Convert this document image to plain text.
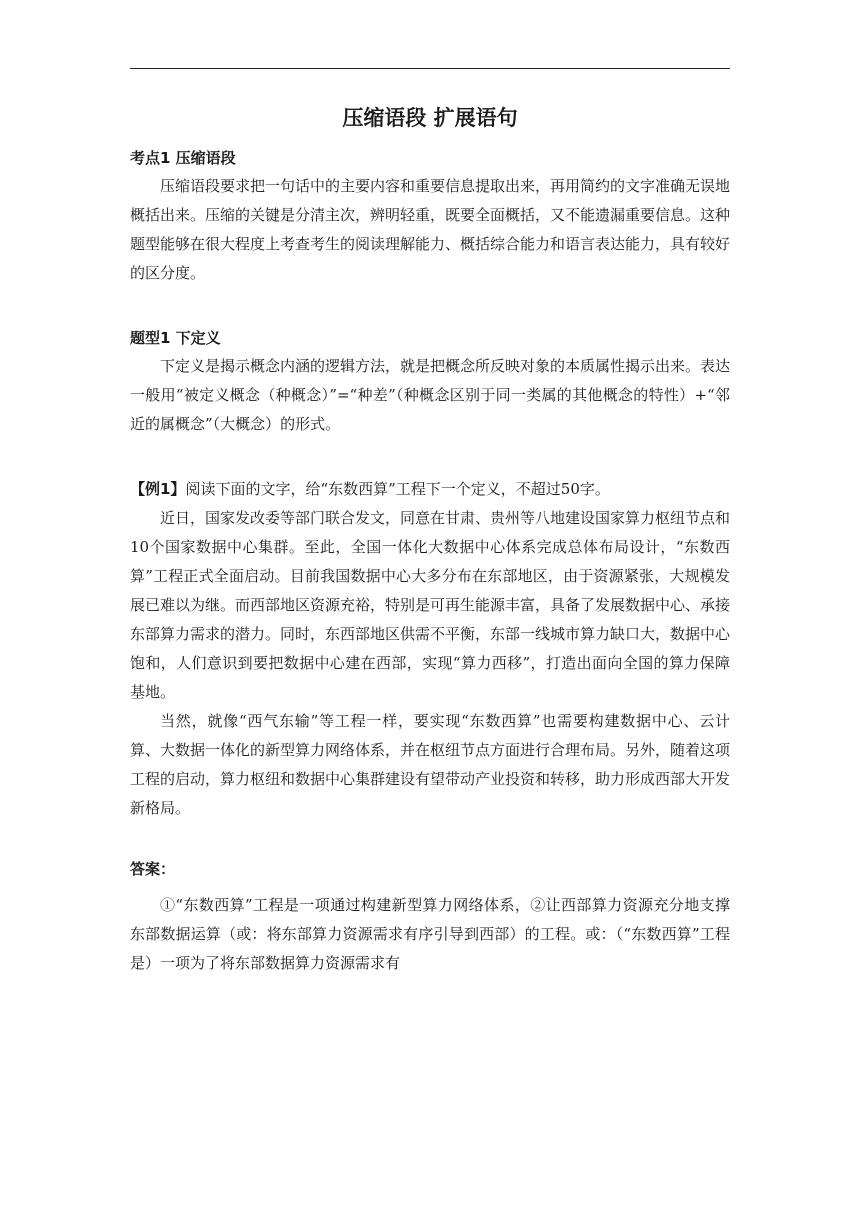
压缩语段 扩展语句
考点1 压缩语段

压缩语段要求把一句话中的主要内容和重要信息提取出来，再用简约的文字准确无误地概括出来。压缩的关键是分清主次，辨明轻重，既要全面概括，又不能遗漏重要信息。这种题型能够在很大程度上考查考生的阅读理解能力、概括综合能力和语言表达能力，具有较好的区分度。

题型1 下定义

下定义是揭示概念内涵的逻辑方法，就是把概念所反映对象的本质属性揭示出来。表达一般用“被定义概念（种概念）”=“种差”（种概念区别于同一类属的其他概念的特性）+“邻近的属概念”（大概念）的形式。

【例1】阅读下面的文字，给“东数西算”工程下一个定义，不超过50字。

近日，国家发改委等部门联合发文，同意在甘肃、贵州等八地建设国家算力枢纽节点和10个国家数据中心集群。至此，全国一体化大数据中心体系完成总体布局设计，“东数西算”工程正式全面启动。目前我国数据中心大多分布在东部地区，由于资源紧张，大规模发展已难以为继。而西部地区资源充裕，特别是可再生能源丰富，具备了发展数据中心、承接东部算力需求的潜力。同时，东西部地区供需不平衡，东部一线城市算力缺口大，数据中心饱和，人们意识到要把数据中心建在西部，实现“算力西移”，打造出面向全国的算力保障基地。

当然，就像“西气东输”等工程一样，要实现“东数西算”也需要构建数据中心、云计算、大数据一体化的新型算力网络体系，并在枢纽节点方面进行合理布局。另外，随着这项工程的启动，算力枢纽和数据中心集群建设有望带动产业投资和转移，助力形成西部大开发新格局。

答案：

①“东数西算”工程是一项通过构建新型算力网络体系，②让西部算力资源充分地支撑东部数据运算（或：将东部算力资源需求有序引导到西部）的工程。或：（“东数西算”工程是）一项为了将东部数据算力资源需求有
